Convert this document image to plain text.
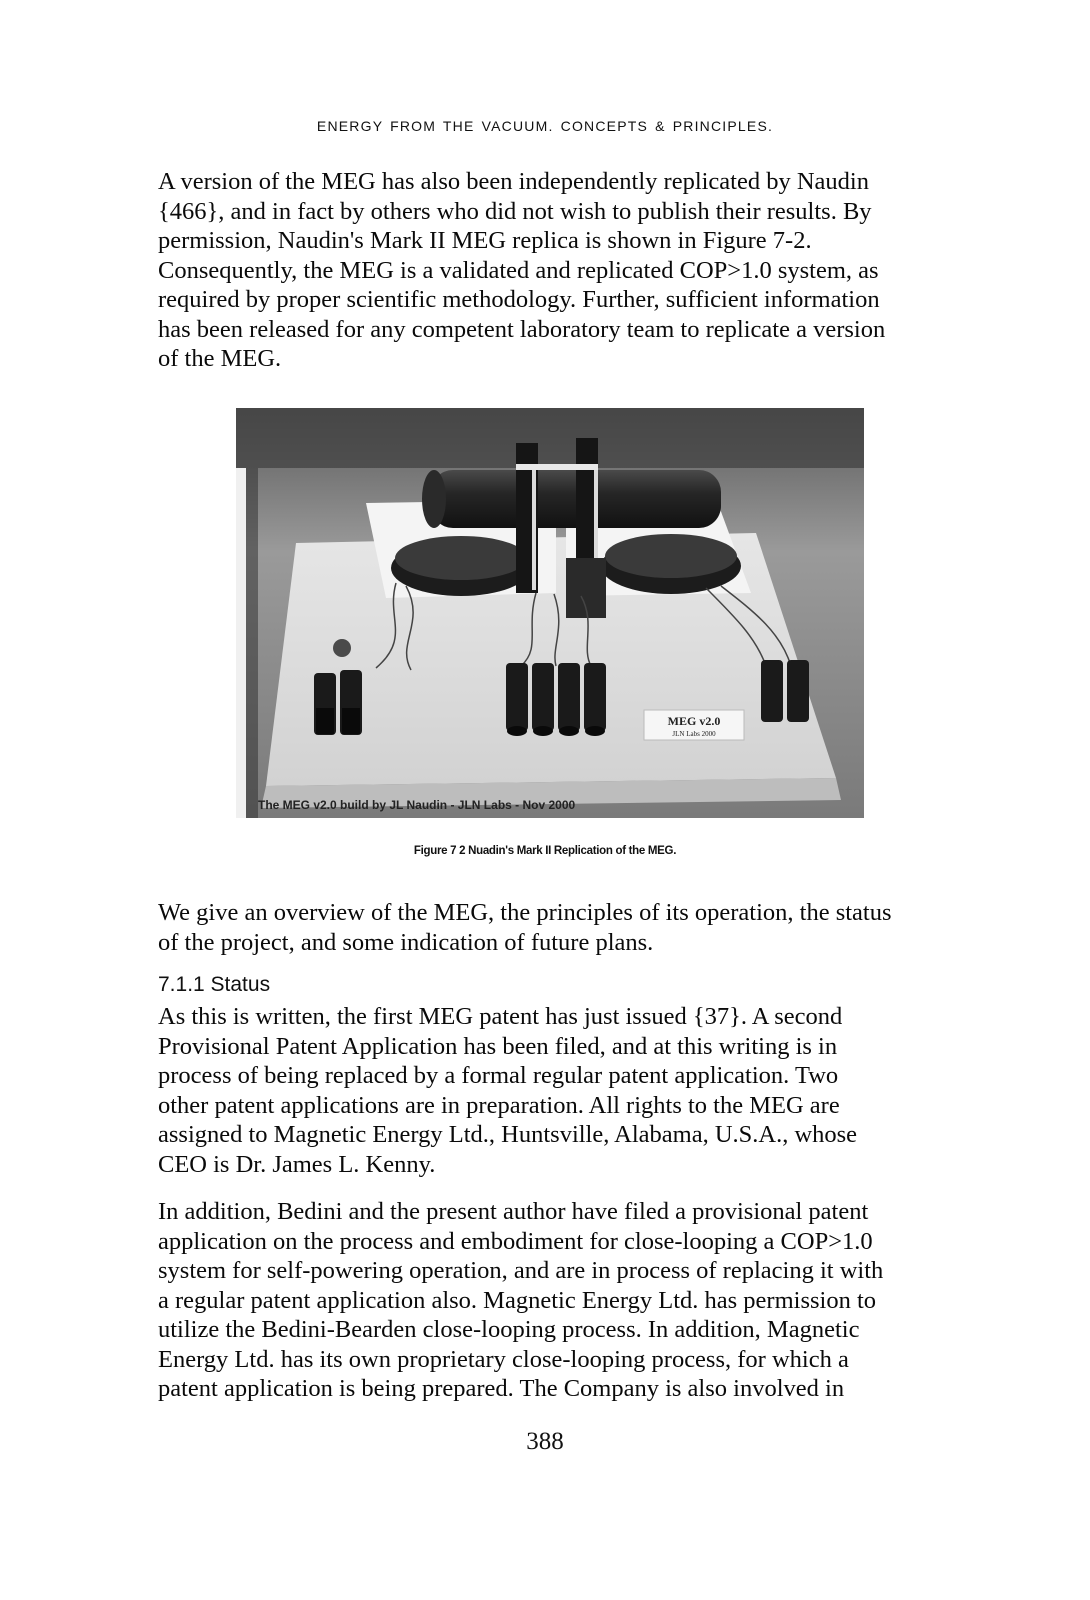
ENERGY FROM THE VACUUM. CONCEPTS & PRINCIPLES.
A version of the MEG has also been independently replicated by Naudin
{466}, and in fact by others who did not wish to publish their results. By
permission, Naudin's Mark II MEG replica is shown in Figure 7-2.
Consequently, the MEG is a validated and replicated COP>1.0 system, as
required by proper scientific methodology. Further, sufficient information
has been released for any competent laboratory team to replicate a version
of the MEG.
MEG v2.0
JLN Labs 2000
The MEG v2.0 build by JL Naudin - JLN Labs - Nov 2000
Figure 7 2 Nuadin's Mark II Replication of the MEG.
We give an overview of the MEG, the principles of its operation, the status
of the project, and some indication of future plans.
7.1.1 Status
As this is written, the first MEG patent has just issued {37}. A second
Provisional Patent Application has been filed, and at this writing is in
process of being replaced by a formal regular patent application. Two
other patent applications are in preparation. All rights to the MEG are
assigned to Magnetic Energy Ltd., Huntsville, Alabama, U.S.A., whose
CEO is Dr. James L. Kenny.
In addition, Bedini and the present author have filed a provisional patent
application on the process and embodiment for close-looping a COP>1.0
system for self-powering operation, and are in process of replacing it with
a regular patent application also. Magnetic Energy Ltd. has permission to
utilize the Bedini-Bearden close-looping process. In addition, Magnetic
Energy Ltd. has its own proprietary close-looping process, for which a
patent application is being prepared. The Company is also involved in
388
